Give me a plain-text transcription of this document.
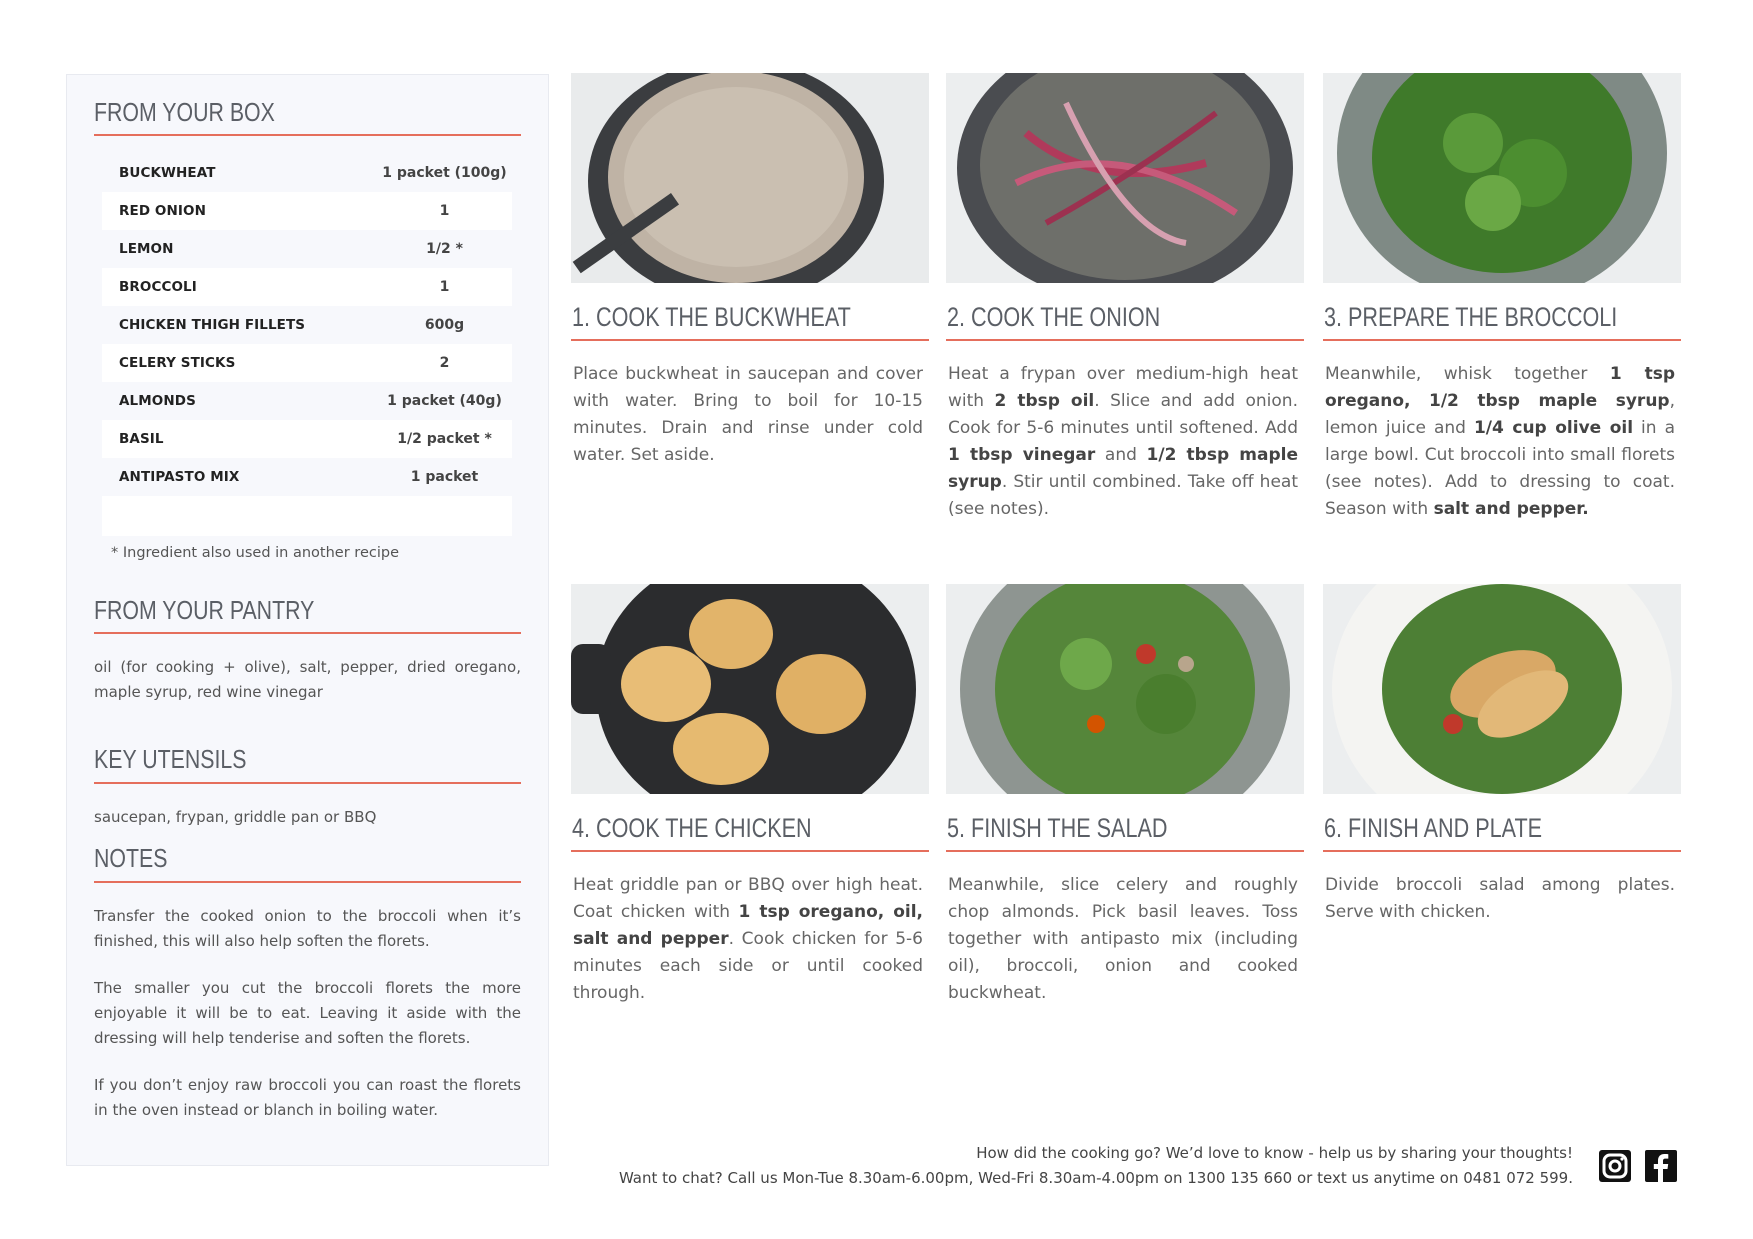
FROM YOUR BOX
BUCKWHEAT	1 packet (100g)
RED ONION	1
LEMON	1/2 *
BROCCOLI	1
CHICKEN THIGH FILLETS	600g
CELERY STICKS	2
ALMONDS	1 packet (40g)
BASIL	1/2 packet *
ANTIPASTO MIX	1 packet
* Ingredient also used in another recipe
FROM YOUR PANTRY
oil (for cooking + olive), salt, pepper, dried oregano, maple syrup, red wine vinegar
KEY UTENSILS
saucepan, frypan, griddle pan or BBQ
NOTES
Transfer the cooked onion to the broccoli when it’s finished, this will also help soften the florets.
The smaller you cut the broccoli florets the more enjoyable it will be to eat. Leaving it aside with the dressing will help tenderise and soften the florets.
If you don’t enjoy raw broccoli you can roast the florets in the oven instead or blanch in boiling water.
1. COOK THE BUCKWHEAT
Place buckwheat in saucepan and cover with water. Bring to boil for 10-15 minutes. Drain and rinse under cold water. Set aside.
2. COOK THE ONION
Heat a frypan over medium-high heat with 2 tbsp oil. Slice and add onion. Cook for 5-6 minutes until softened. Add 1 tbsp vinegar and 1/2 tbsp maple syrup. Stir until combined. Take off heat (see notes).
3. PREPARE THE BROCCOLI
Meanwhile, whisk together 1 tsp oregano, 1/2 tbsp maple syrup, lemon juice and 1/4 cup olive oil in a large bowl. Cut broccoli into small florets (see notes). Add to dressing to coat. Season with salt and pepper.
4. COOK THE CHICKEN
Heat griddle pan or BBQ over high heat. Coat chicken with 1 tsp oregano, oil, salt and pepper. Cook chicken for 5-6 minutes each side or until cooked through.
5. FINISH THE SALAD
Meanwhile, slice celery and roughly chop almonds. Pick basil leaves. Toss together with antipasto mix (including oil), broccoli, onion and cooked buckwheat.
6. FINISH AND PLATE
Divide broccoli salad among plates. Serve with chicken.
How did the cooking go? We’d love to know - help us by sharing your thoughts!
Want to chat? Call us Mon-Tue 8.30am-6.00pm, Wed-Fri 8.30am-4.00pm on 1300 135 660 or text us anytime on 0481 072 599.
